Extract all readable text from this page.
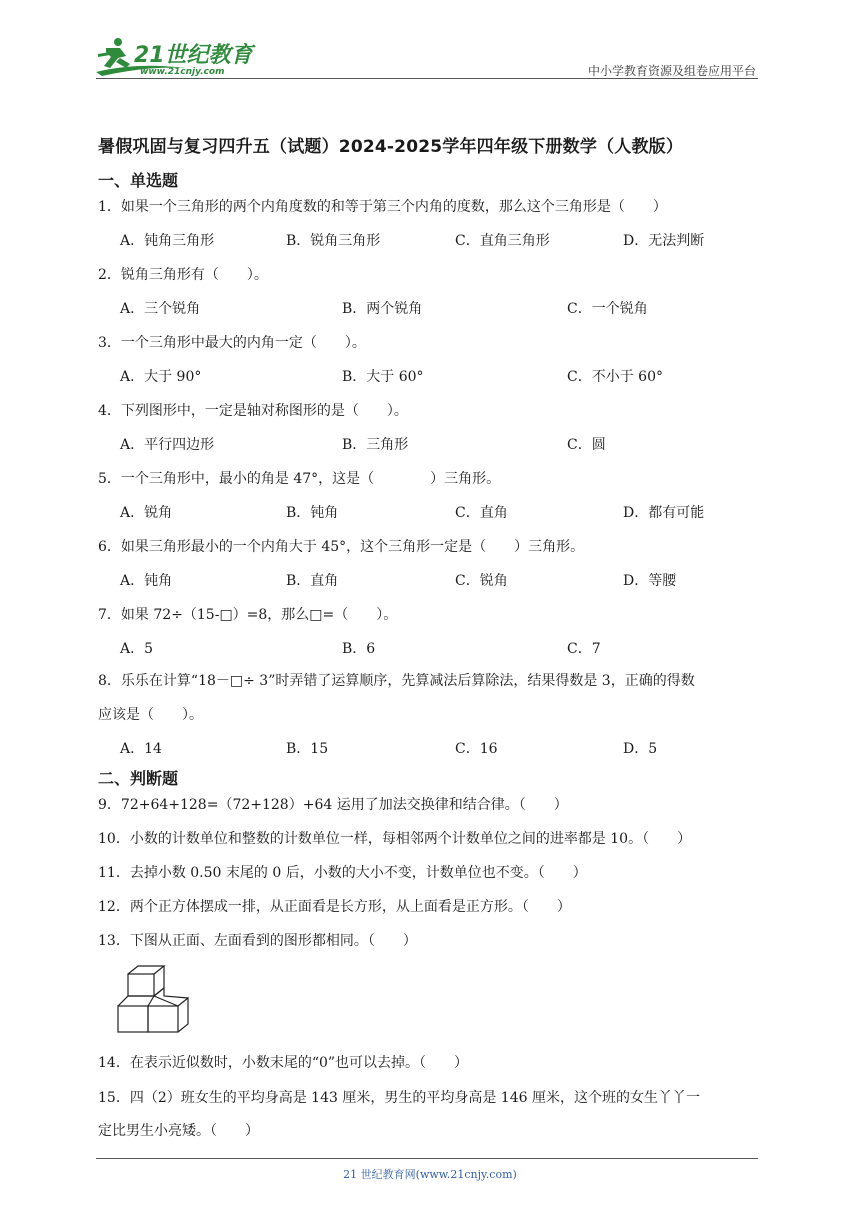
21世纪教育
www.21cnjy.com	中小学教育资源及组卷应用平台
暑假巩固与复习四升五（试题）2024-2025学年四年级下册数学（人教版）
一、单选题
1．如果一个三角形的两个内角度数的和等于第三个内角的度数，那么这个三角形是（　　）
A．钝角三角形	B．锐角三角形	C．直角三角形	D．无法判断
2．锐角三角形有（　　）。
A．三个锐角	B．两个锐角	C．一个锐角
3．一个三角形中最大的内角一定（　　）。
A．大于 90°	B．大于 60°	C．不小于 60°
4．下列图形中，一定是轴对称图形的是（　　）。
A．平行四边形	B．三角形	C．圆
5．一个三角形中，最小的角是 47°，这是（　　　　）三角形。
A．锐角	B．钝角	C．直角	D．都有可能
6．如果三角形最小的一个内角大于 45°，这个三角形一定是（　　）三角形。
A．钝角	B．直角	C．锐角	D．等腰
7．如果 72÷（15-□）=8，那么□=（　　）。
A．5	B．6	C．7
8．乐乐在计算“18－□÷ 3”时弄错了运算顺序，先算减法后算除法，结果得数是 3，正确的得数
应该是（　　）。
A．14	B．15	C．16	D．5
二、判断题
9．72+64+128=（72+128）+64 运用了加法交换律和结合律。（　　）
10．小数的计数单位和整数的计数单位一样，每相邻两个计数单位之间的进率都是 10。（　　）
11．去掉小数 0.50 末尾的 0 后，小数的大小不变，计数单位也不变。（　　）
12．两个正方体摆成一排，从正面看是长方形，从上面看是正方形。（　　）
13．下图从正面、左面看到的图形都相同。（　　）
14．在表示近似数时，小数末尾的“0”也可以去掉。（　　）
15．四（2）班女生的平均身高是 143 厘米，男生的平均身高是 146 厘米，这个班的女生丫丫一
定比男生小亮矮。（　　）
21 世纪教育网(www.21cnjy.com)
